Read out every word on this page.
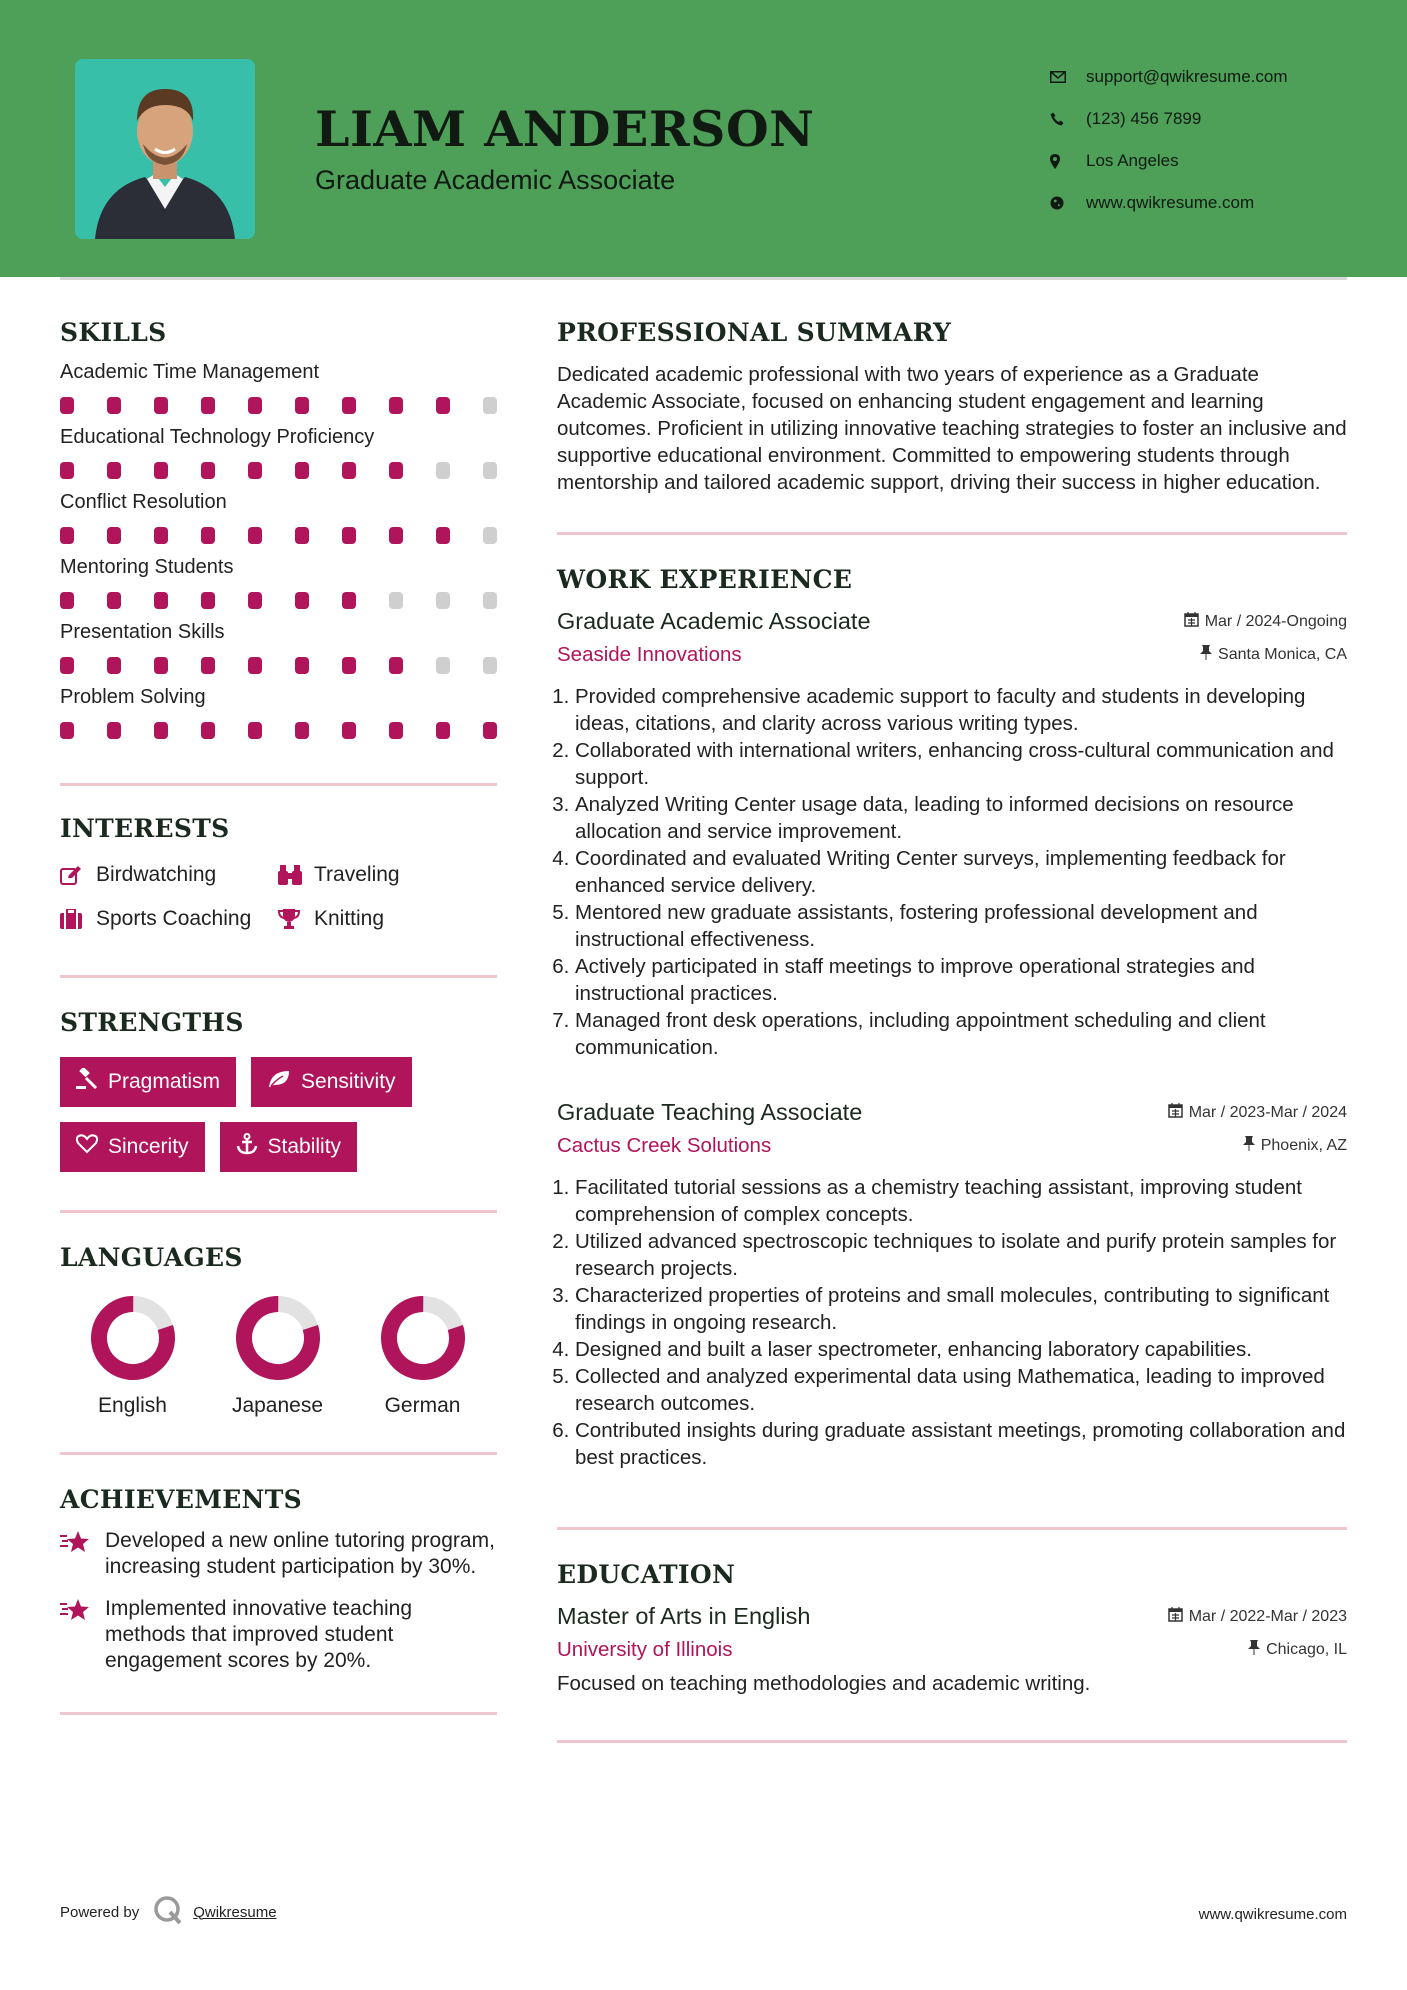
LIAM ANDERSON
Graduate Academic Associate
support@qwikresume.com
(123) 456 7899
Los Angeles
www.qwikresume.com
SKILLS
Academic Time Management
Educational Technology Proficiency
Conflict Resolution
Mentoring Students
Presentation Skills
Problem Solving
INTERESTS
Birdwatching	Traveling
Sports Coaching	Knitting
STRENGTHS
Pragmatism	Sensitivity
Sincerity	Stability
LANGUAGES
English	Japanese	German
ACHIEVEMENTS
Developed a new online tutoring program, increasing student participation by 30%.
Implemented innovative teaching methods that improved student engagement scores by 20%.
PROFESSIONAL SUMMARY
Dedicated academic professional with two years of experience as a Graduate Academic Associate, focused on enhancing student engagement and learning outcomes. Proficient in utilizing innovative teaching strategies to foster an inclusive and supportive educational environment. Committed to empowering students through mentorship and tailored academic support, driving their success in higher education.
WORK EXPERIENCE
Graduate Academic Associate	Mar / 2024-Ongoing
Seaside Innovations	Santa Monica, CA
1. Provided comprehensive academic support to faculty and students in developing ideas, citations, and clarity across various writing types.
2. Collaborated with international writers, enhancing cross-cultural communication and support.
3. Analyzed Writing Center usage data, leading to informed decisions on resource allocation and service improvement.
4. Coordinated and evaluated Writing Center surveys, implementing feedback for enhanced service delivery.
5. Mentored new graduate assistants, fostering professional development and instructional effectiveness.
6. Actively participated in staff meetings to improve operational strategies and instructional practices.
7. Managed front desk operations, including appointment scheduling and client communication.
Graduate Teaching Associate	Mar / 2023-Mar / 2024
Cactus Creek Solutions	Phoenix, AZ
1. Facilitated tutorial sessions as a chemistry teaching assistant, improving student comprehension of complex concepts.
2. Utilized advanced spectroscopic techniques to isolate and purify protein samples for research projects.
3. Characterized properties of proteins and small molecules, contributing to significant findings in ongoing research.
4. Designed and built a laser spectrometer, enhancing laboratory capabilities.
5. Collected and analyzed experimental data using Mathematica, leading to improved research outcomes.
6. Contributed insights during graduate assistant meetings, promoting collaboration and best practices.
EDUCATION
Master of Arts in English	Mar / 2022-Mar / 2023
University of Illinois	Chicago, IL
Focused on teaching methodologies and academic writing.
Powered by	Qwikresume	www.qwikresume.com
